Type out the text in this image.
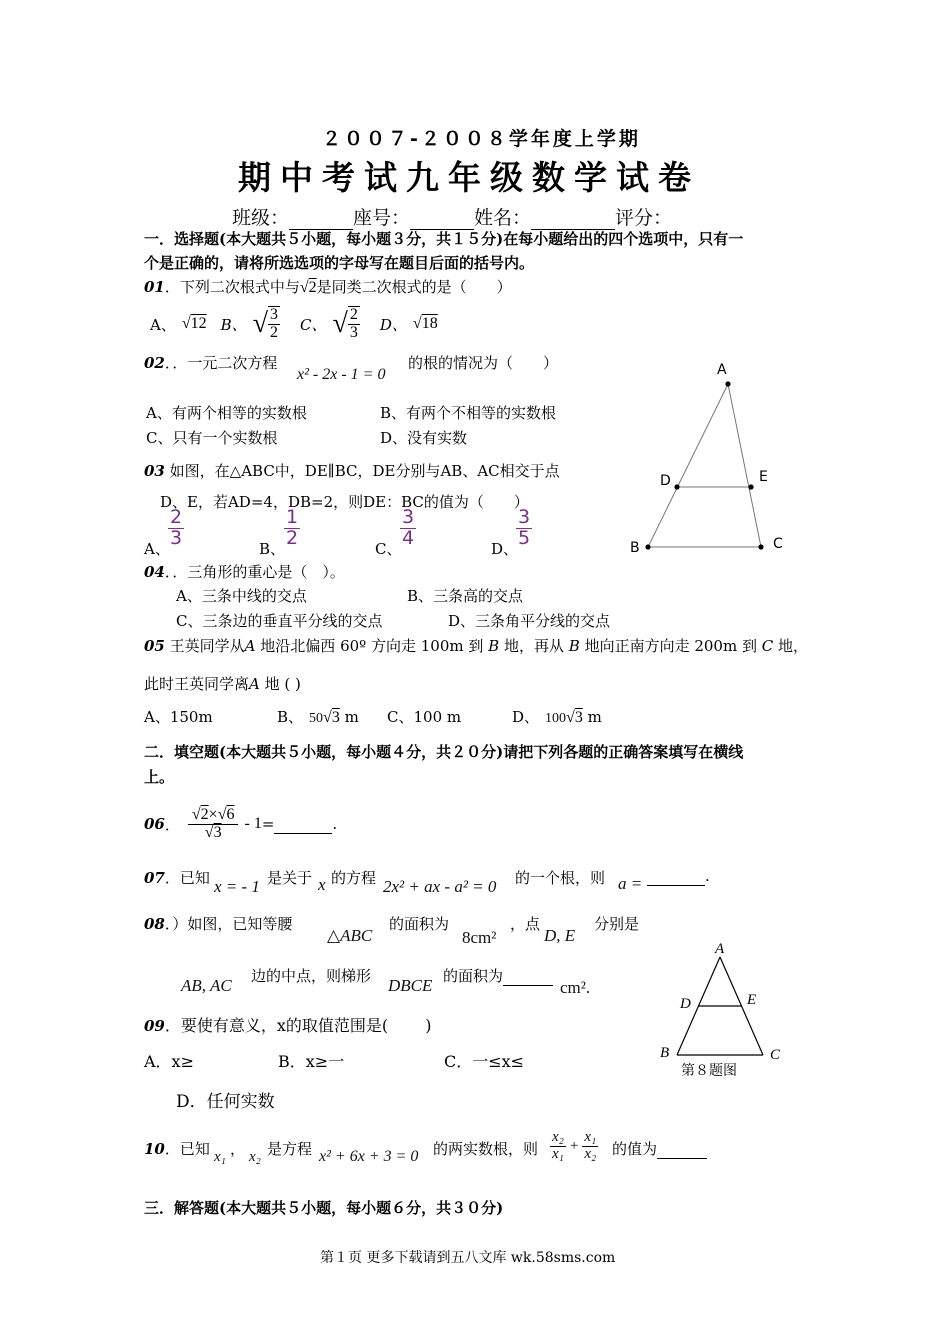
２００７-２００８学年度上学期
期中考试九年级数学试卷
班级：	座号：	姓名：	评分：
一．选择题(本大题共５小题，每小题３分，共１５分)在每小题给出的四个选项中，只有一
个是正确的，请将所选选项的字母写在题目后面的括号内。
01．下列二次根式中与√2是同类二次根式的是（　　）
A、 √12 B、 √ $\frac{3}{2}$ C、 √ $\frac{2}{3}$ D、 √18
02．．一元二次方程
x² - 2x - 1 = 0
的根的情况为（　　）
A、有两个相等的实数根	B、有两个不相等的实数根
C、只有一个实数根	D、没有实数
03 如图，在△ABC中，DE∥BC，DE分别与AB、AC相交于点
D、E，若AD=4，DB=2，则DE：BC的值为（　　）
A、
$\frac{2}{3}$
B、
$\frac{1}{2}$
C、
$\frac{3}{4}$
D、
$\frac{3}{5}$
A
B	C
D	E
04．．三角形的重心是（　）。
A、三条中线的交点	B、三条高的交点
C、三条边的垂直平分线的交点	D、三条角平分线的交点
05 王英同学从A 地沿北偏西 60º 方向走 100m 到 B 地，再从 B 地向正南方向走 200m 到 C 地，
此时王英同学离A 地 ( )
A、150m	B、 50√3 m C、100 m	D、 100√3 m
二．填空题(本大题共５小题，每小题４分，共２０分)请把下列各题的正确答案填写在横线
上。
06 ． $\frac{√2\times√6}{√3} - 1$ =
	.
07．已知 x = - 1 是关于 x 的方程 2x² + ax - a² = 0 的一个根，则 a =	.
08．）如图，已知等腰
△ABC
的面积为
8cm²
，点
D, E
分别是
AB, AC 边的中点，则梯形 DBCE 的面积为
cm².
A
B	C
D	E
第８题图
09．要使有意义，x的取值范围是(　　 )
A．x≥	B．x≥一	C．一≤x≤
D．任何实数
10．已知 x₁ ， x₂ 是方程 x² + 6x + 3 = 0 的两实数根，则 $\frac{\text{x₂}}{\text{x₁}} + \frac{\text{x₁}}{\text{x₂}}$ 的值为
三．解答题(本大题共５小题，每小题６分，共３０分)
第１页 更多下载请到五八文库 wk.58sms.com
